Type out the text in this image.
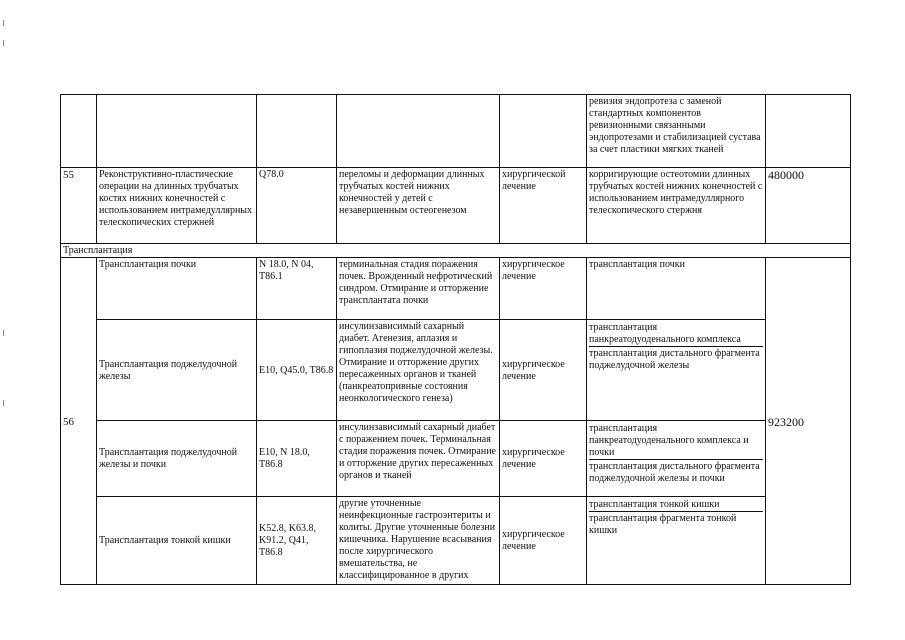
					ревизия эндопротеза с заменой стандартных компонентов ревизионными связанными эндопротезами и стабилизацией сустава за счет пластики мягких тканей	
55	Реконструктивно-пластические операции на длинных трубчатых костях нижних конечностей с использованием интрамедуллярных телескопических стержней	Q78.0	переломы и деформации длинных трубчатых костей нижних конечностей у детей с незавершенным остеогенезом	хирургической лечение	корригирующие остеотомии длинных трубчатых костей нижних конечностей с использованием интрамедуллярного телескопического стержня	480000
Трансплантация						
56	Трансплантация почки	N 18.0, N 04, T86.1	терминальная стадия поражения почек. Врожденный нефротический синдром. Отмирание и отторжение трансплантата почки	хирургическое лечение	трансплантация почки	923200
	Трансплантация поджелудочной железы	E10, Q45.0, T86.8	инсулинзависимый сахарный диабет. Агенезия, аплазия и гипоплазия поджелудочной железы. Отмирание и отторжение других пересаженных органов и тканей (панкреатопривные состояния неонкологического генеза)	хирургическое лечение	трансплантация панкреатодуоденального комплекса
трансплантация дистального фрагмента поджелудочной железы	

	Трансплантация поджелудочной железы и почки	E10, N 18.0, T86.8	инсулинзависимый сахарный диабет с поражением почек. Терминальная стадия поражения почек. Отмирание и отторжение других пересаженных органов и тканей	хирургическое лечение	трансплантация панкреатодуоденального комплекса и почки
трансплантация дистального фрагмента поджелудочной железы и почки	

	Трансплантация тонкой кишки	K52.8, K63.8, K91.2, Q41, T86.8	другие уточненные неинфекционные гастроэнтериты и колиты. Другие уточненные болезни кишечника. Нарушение всасывания после хирургического вмешательства, не классифицированное в других	хирургическое лечение	трансплантация тонкой кишки
трансплантация фрагмента тонкой кишки	
